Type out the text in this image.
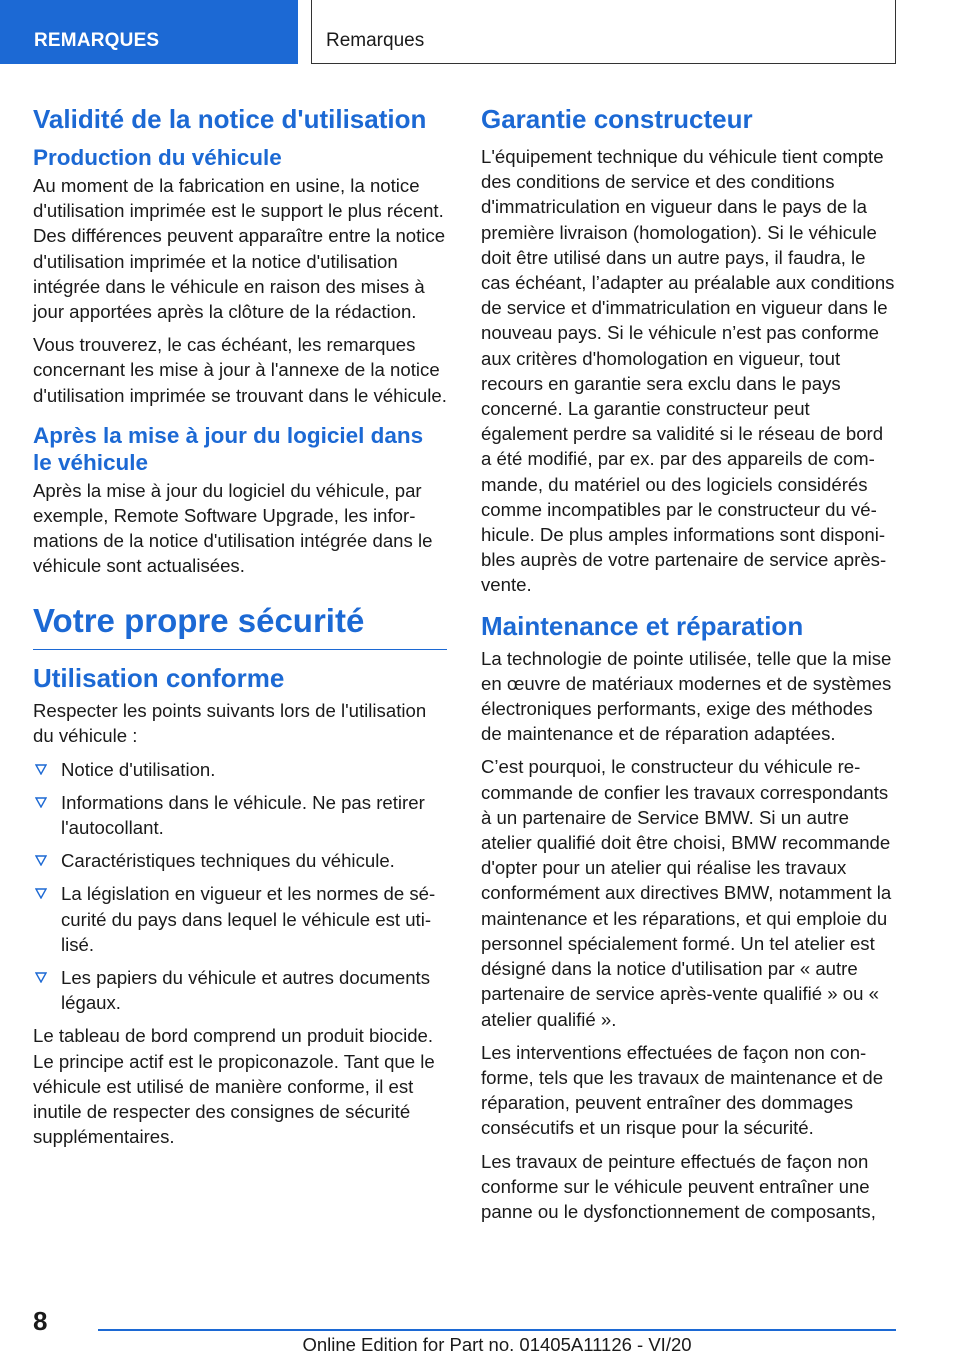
REMARQUES	Remarques
Validité de la notice d'utilisation
Production du véhicule

Au moment de la fabrication en usine, la notice d'utilisation imprimée est le support le plus récent. Des différences peuvent apparaître entre la notice d'utilisation imprimée et la notice d'utilisation intégrée dans le véhicule en raison des mises à jour apportées après la clôture de la rédaction.

Vous trouverez, le cas échéant, les remarques concernant les mise à jour à l'annexe de la notice d'utilisation imprimée se trouvant dans le véhicule.

Après la mise à jour du logiciel dans le véhicule

Après la mise à jour du logiciel du véhicule, par exemple, Remote Software Upgrade, les informations de la notice d'utilisation intégrée dans le véhicule sont actualisées.

Votre propre sécurité
Utilisation conforme

Respecter les points suivants lors de l'utilisation du véhicule :

Notice d'utilisation.
Informations dans le véhicule. Ne pas retirer l'autocollant.
Caractéristiques techniques du véhicule.
La législation en vigueur et les normes de sécurité du pays dans lequel le véhicule est utilisé.
Les papiers du véhicule et autres documents légaux.

Le tableau de bord comprend un produit biocide. Le principe actif est le propiconazole. Tant que le véhicule est utilisé de manière conforme, il est inutile de respecter des consignes de sécurité supplémentaires.

Garantie constructeur

L'équipement technique du véhicule tient compte des conditions de service et des conditions d'immatriculation en vigueur dans le pays de la première livraison (homologation). Si le véhicule doit être utilisé dans un autre pays, il faudra, le cas échéant, l’adapter au préalable aux conditions de service et d'immatriculation en vigueur dans le nouveau pays. Si le véhicule n’est pas conforme aux critères d'homologation en vigueur, tout recours en garantie sera exclu dans le pays concerné. La garantie constructeur peut également perdre sa validité si le réseau de bord a été modifié, par ex. par des appareils de commande, du matériel ou des logiciels considérés comme incompatibles par le constructeur du véhicule. De plus amples informations sont disponibles auprès de votre partenaire de service après-vente.

Maintenance et réparation

La technologie de pointe utilisée, telle que la mise en œuvre de matériaux modernes et de systèmes électroniques performants, exige des méthodes de maintenance et de réparation adaptées.

C’est pourquoi, le constructeur du véhicule recommande de confier les travaux correspondants à un partenaire de Service BMW. Si un autre atelier qualifié doit être choisi, BMW recommande d'opter pour un atelier qui réalise les travaux conformément aux directives BMW, notamment la maintenance et les réparations, et qui emploie du personnel spécialement formé. Un tel atelier est désigné dans la notice d'utilisation par « autre partenaire de service après-vente qualifié » ou « atelier qualifié ».

Les interventions effectuées de façon non conforme, tels que les travaux de maintenance et de réparation, peuvent entraîner des dommages consécutifs et un risque pour la sécurité.

Les travaux de peinture effectués de façon non conforme sur le véhicule peuvent entraîner une panne ou le dysfonctionnement de composants,

8
Online Edition for Part no. 01405A11126 - VI/20
